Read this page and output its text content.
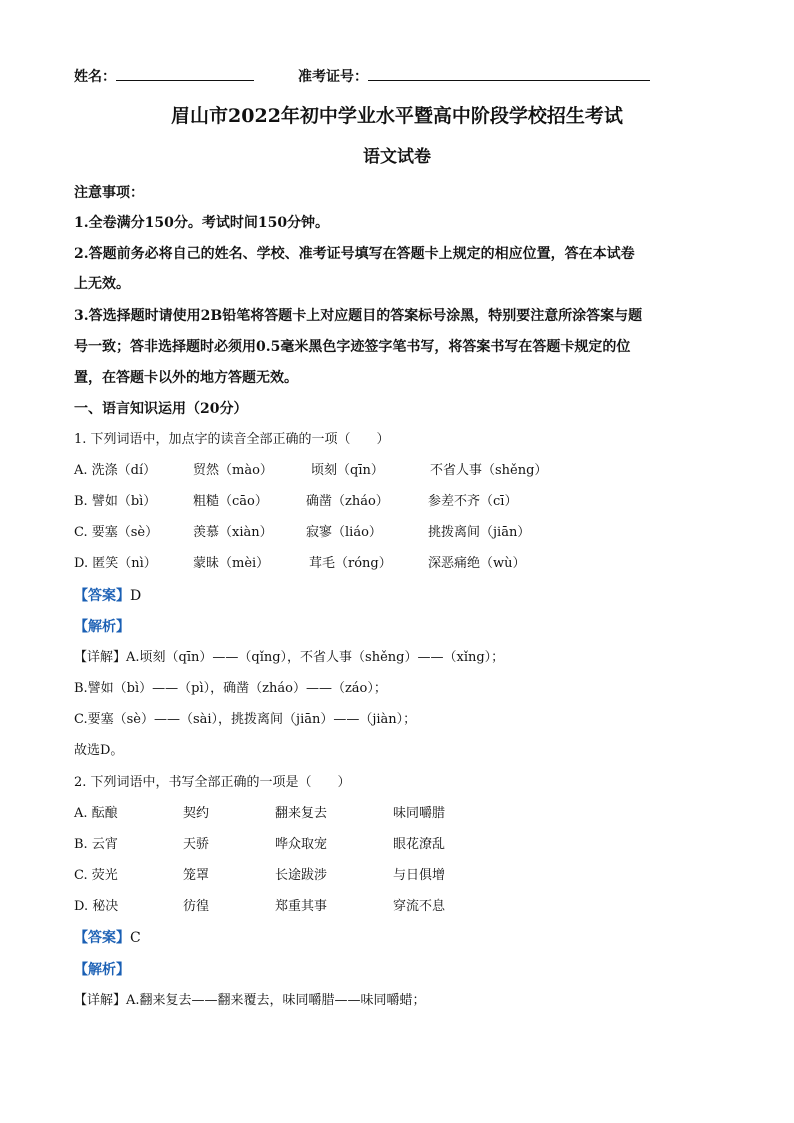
姓名：	准考证号：
眉山市2022年初中学业水平暨高中阶段学校招生考试
语文试卷
注意事项：
1.全卷满分150分。考试时间150分钟。
2.答题前务必将自己的姓名、学校、准考证号填写在答题卡上规定的相应位置，答在本试卷
上无效。
3.答选择题时请使用2B铅笔将答题卡上对应题目的答案标号涂黑，特别要注意所涂答案与题
号一致；答非选择题时必须用0.5毫米黑色字迹签字笔书写，将答案书写在答题卡规定的位
置，在答题卡以外的地方答题无效。
一、语言知识运用（20分）
1. 下列词语中，加点字的读音全部正确的一项（　　）
A. 洗涤（dí）	贸然（mào）	顷刻（qīn）	不省人事（shěng）
B. 譬如（bì）	粗糙（cāo）	确凿（zháo）	参差不齐（cī）
C. 要塞（sè）	羡慕（xiàn）	寂寥（liáo）	挑拨离间（jiān）
D. 匿笑（nì）	蒙昧（mèi）	茸毛（róng）	深恶痛绝（wù）
【答案】D
【解析】
【详解】A.顷刻（qīn）——（qǐng），不省人事（shěng）——（xǐng）；
B.譬如（bì）——（pì），确凿（zháo）——（záo）；
C.要塞（sè）——（sài），挑拨离间（jiān）——（jiàn）；
故选D。
2. 下列词语中，书写全部正确的一项是（　　）
A. 酝酿	契约	翻来复去	味同嚼腊
B. 云宵	天骄	哗众取宠	眼花潦乱
C. 荧光	笼罩	长途跋涉	与日俱增
D. 秘决	彷徨	郑重其事	穿流不息
【答案】C
【解析】
【详解】A.翻来复去——翻来覆去，味同嚼腊——味同嚼蜡；
